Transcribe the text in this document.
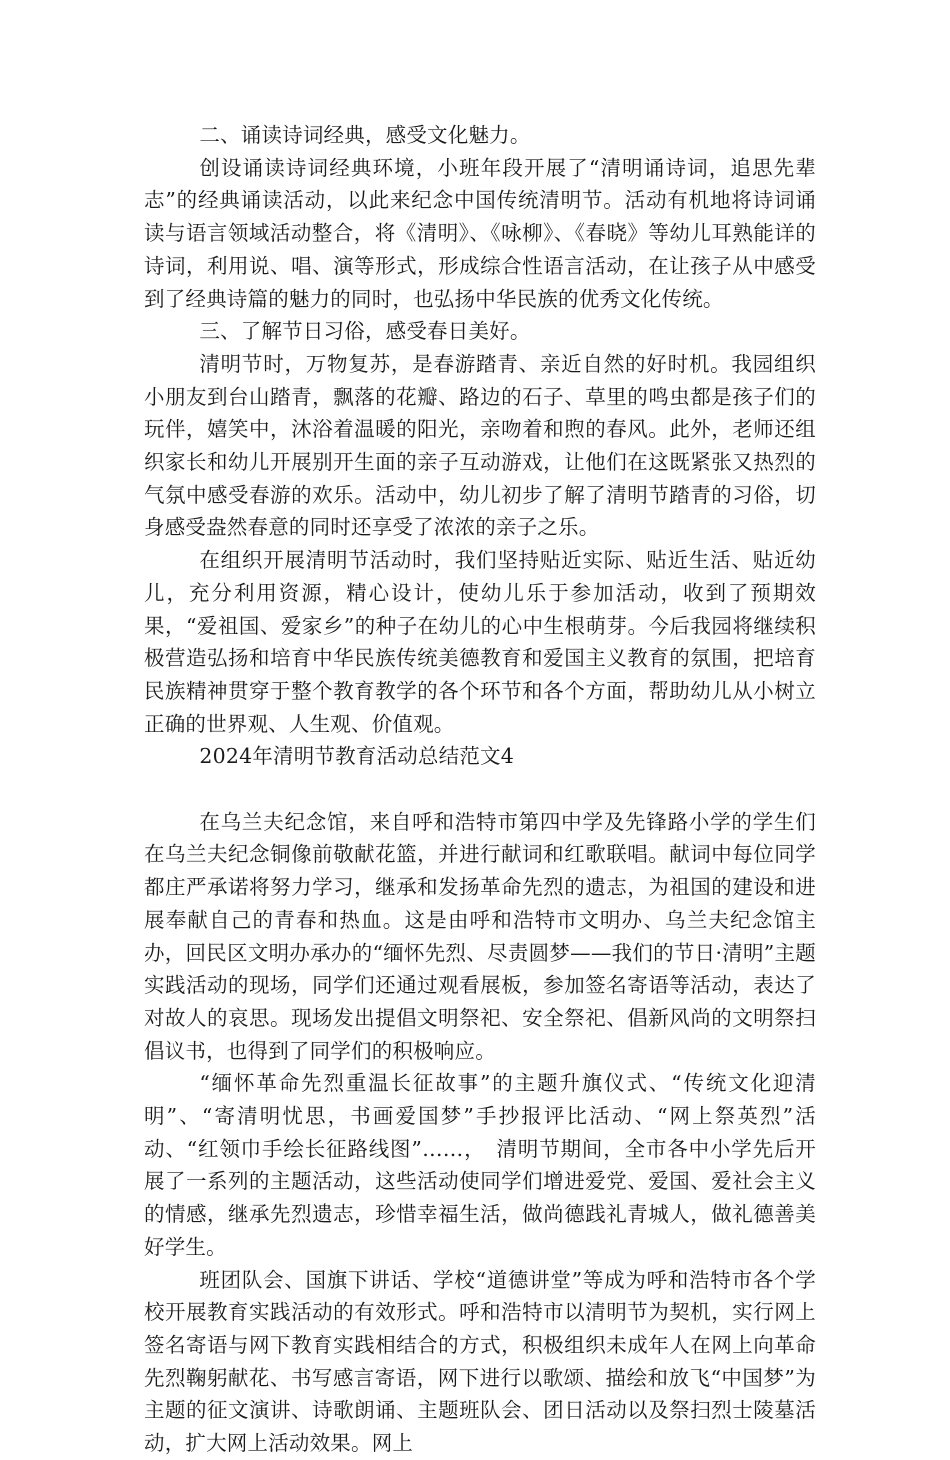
二、诵读诗词经典，感受文化魅力。

创设诵读诗词经典环境，小班年段开展了“清明诵诗词，追思先辈志”的经典诵读活动，以此来纪念中国传统清明节。活动有机地将诗词诵读与语言领域活动整合，将《清明》、《咏柳》、《春晓》等幼儿耳熟能详的诗词，利用说、唱、演等形式，形成综合性语言活动，在让孩子从中感受到了经典诗篇的魅力的同时，也弘扬中华民族的优秀文化传统。

三、了解节日习俗，感受春日美好。

清明节时，万物复苏，是春游踏青、亲近自然的好时机。我园组织小朋友到台山踏青，飘落的花瓣、路边的石子、草里的鸣虫都是孩子们的玩伴，嬉笑中，沐浴着温暖的阳光，亲吻着和煦的春风。此外，老师还组织家长和幼儿开展别开生面的亲子互动游戏，让他们在这既紧张又热烈的气氛中感受春游的欢乐。活动中，幼儿初步了解了清明节踏青的习俗，切身感受盎然春意的同时还享受了浓浓的亲子之乐。

在组织开展清明节活动时，我们坚持贴近实际、贴近生活、贴近幼儿，充分利用资源，精心设计，使幼儿乐于参加活动，收到了预期效果，“爱祖国、爱家乡”的种子在幼儿的心中生根萌芽。今后我园将继续积极营造弘扬和培育中华民族传统美德教育和爱国主义教育的氛围，把培育民族精神贯穿于整个教育教学的各个环节和各个方面，帮助幼儿从小树立正确的世界观、人生观、价值观。

2024年清明节教育活动总结范文4

在乌兰夫纪念馆，来自呼和浩特市第四中学及先锋路小学的学生们在乌兰夫纪念铜像前敬献花篮，并进行献词和红歌联唱。献词中每位同学都庄严承诺将努力学习，继承和发扬革命先烈的遗志，为祖国的建设和进展奉献自己的青春和热血。这是由呼和浩特市文明办、乌兰夫纪念馆主办，回民区文明办承办的“缅怀先烈、尽责圆梦——我们的节日·清明”主题实践活动的现场，同学们还通过观看展板，参加签名寄语等活动，表达了对故人的哀思。现场发出提倡文明祭祀、安全祭祀、倡新风尚的文明祭扫倡议书，也得到了同学们的积极响应。

“缅怀革命先烈重温长征故事”的主题升旗仪式、“传统文化迎清明”、“寄清明忧思，书画爱国梦”手抄报评比活动、“网上祭英烈”活动、“红领巾手绘长征路线图”……，　清明节期间，全市各中小学先后开展了一系列的主题活动，这些活动使同学们增进爱党、爱国、爱社会主义的情感，继承先烈遗志，珍惜幸福生活，做尚德践礼青城人，做礼德善美好学生。

班团队会、国旗下讲话、学校“道德讲堂”等成为呼和浩特市各个学校开展教育实践活动的有效形式。呼和浩特市以清明节为契机，实行网上签名寄语与网下教育实践相结合的方式，积极组织未成年人在网上向革命先烈鞠躬献花、书写感言寄语，网下进行以歌颂、描绘和放飞“中国梦”为主题的征文演讲、诗歌朗诵、主题班队会、团日活动以及祭扫烈士陵墓活动，扩大网上活动效果。网上
